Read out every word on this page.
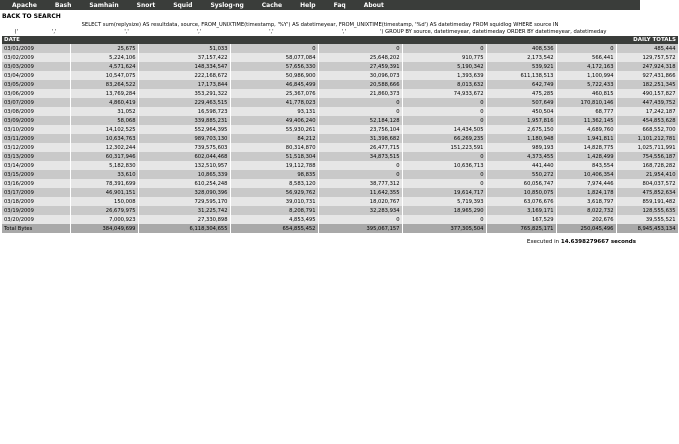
Apache	Bash	Samhain	Snort	Squid	Syslog-ng	Cache	Help	Faq	About
BACK TO SEARCH
SELECT sum(replysize) AS resultdata, source, FROM_UNIXTIME(timestamp, '%Y') AS datetimeyear, FROM_UNIXTIME(timestamp, '%d') AS datetimeday FROM squidlog WHERE source IN
('	','	','	','	','	','	') GROUP BY source, datetimeyear, datetimeday ORDER BY datetimeyear, datetimeday
DATE							DAILY TOTALS	
03/01/2009	25,675	51,033	0	0	0	408,536	0	485,444
03/02/2009	5,224,106	37,157,422	58,077,084	25,648,202	910,775	2,173,542	566,441	129,757,572
03/03/2009	4,571,624	148,334,547	57,656,330	27,459,391	5,190,342	539,921	4,172,163	247,924,318
03/04/2009	10,547,075	222,168,672	50,986,900	30,096,073	1,393,639	611,138,513	1,100,994	927,431,866
03/05/2009	83,264,522	17,173,844	46,845,499	20,588,666	8,013,632	642,749	5,722,433	182,251,345
03/06/2009	13,769,284	353,291,322	25,367,076	21,860,373	74,933,672	475,285	460,815	490,157,827
03/07/2009	4,860,419	229,463,515	41,778,023	0	0	507,649	170,810,146	447,439,752
03/08/2009	31,052	16,598,723	93,131	0	0	450,504	68,777	17,242,187
03/09/2009	58,068	339,885,231	49,406,240	52,184,128	0	1,957,816	11,362,145	454,853,628
03/10/2009	14,102,525	552,964,395	55,930,261	23,756,104	14,434,505	2,675,150	4,689,760	668,552,700
03/11/2009	10,634,763	989,703,130	84,212	31,398,682	66,269,235	1,180,948	1,941,811	1,101,212,781
03/12/2009	12,302,244	739,575,603	80,314,870	26,477,715	151,223,591	989,193	14,828,775	1,025,711,991
03/13/2009	60,317,946	602,044,468	51,518,304	34,873,515	0	4,373,455	1,428,499	754,556,187
03/14/2009	5,182,830	132,510,957	19,112,788	0	10,636,713	441,440	843,554	168,728,282
03/15/2009	33,610	10,865,339	98,835	0	0	550,272	10,406,354	21,954,410
03/16/2009	78,391,699	610,254,248	8,583,120	38,777,312	0	60,056,747	7,974,446	804,037,572
03/17/2009	46,901,151	328,090,396	56,929,762	11,642,355	19,614,717	10,850,075	1,824,178	475,852,634
03/18/2009	150,008	729,595,170	39,010,731	18,020,767	5,719,393	63,076,676	3,618,797	859,191,482
03/19/2009	26,679,975	31,225,742	8,208,791	32,283,934	18,965,290	3,169,171	8,022,732	128,555,635
03/20/2009	7,000,923	27,330,898	4,853,495	0	0	167,529	202,676	39,555,521
Total Bytes	384,049,699	6,118,304,655	654,855,452	395,067,157	377,305,504	765,825,171	250,045,496	8,945,453,134
Executed in 14.6398279667 seconds
